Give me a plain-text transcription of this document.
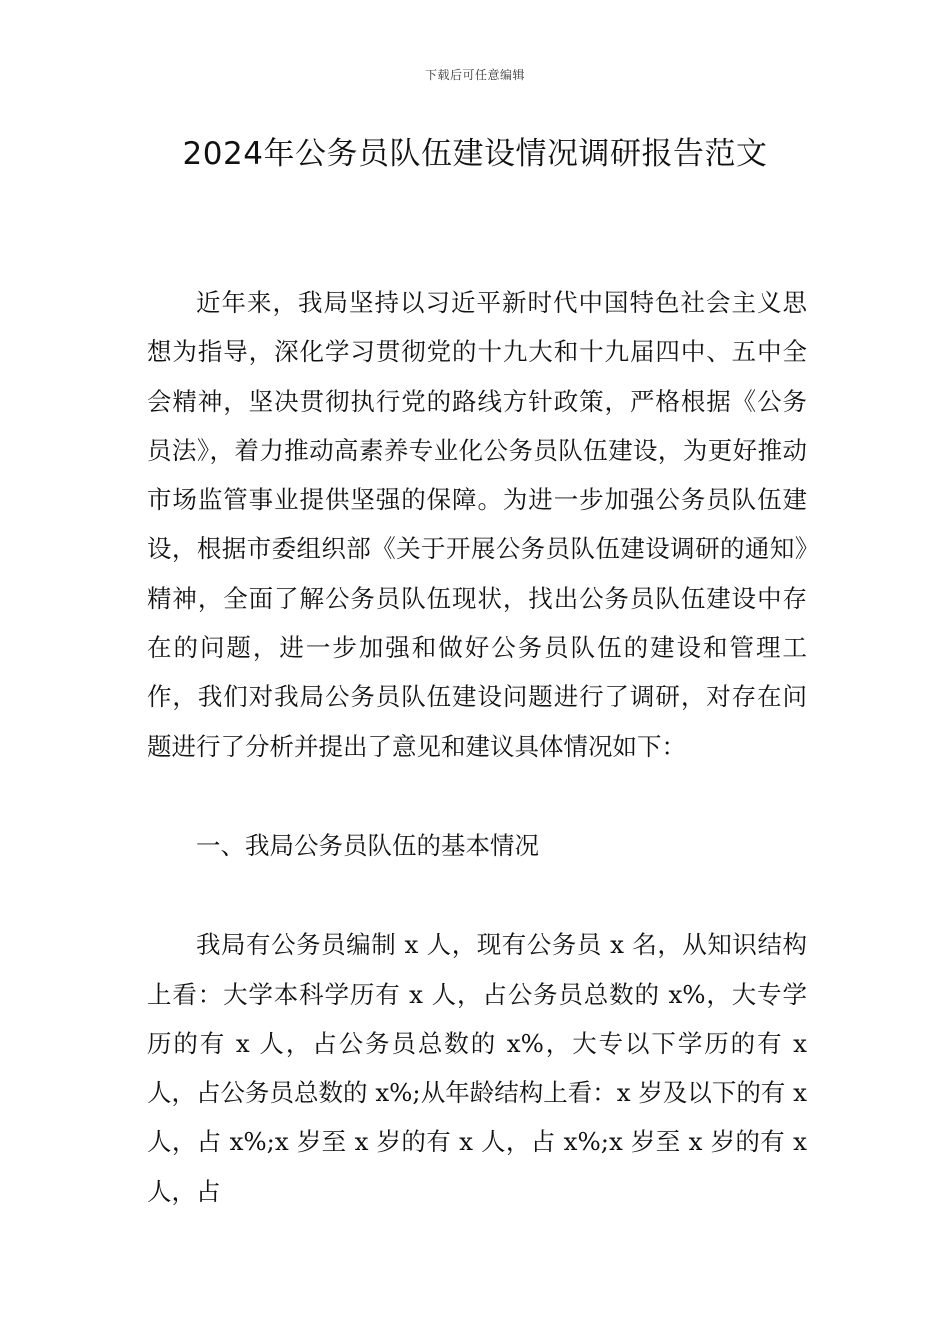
下载后可任意编辑
2024年公务员队伍建设情况调研报告范文

近年来，我局坚持以习近平新时代中国特色社会主义思想为指导，深化学习贯彻党的十九大和十九届四中、五中全会精神，坚决贯彻执行党的路线方针政策，严格根据《公务员法》，着力推动高素养专业化公务员队伍建设，为更好推动市场监管事业提供坚强的保障。为进一步加强公务员队伍建设，根据市委组织部《关于开展公务员队伍建设调研的通知》精神，全面了解公务员队伍现状，找出公务员队伍建设中存在的问题，进一步加强和做好公务员队伍的建设和管理工作，我们对我局公务员队伍建设问题进行了调研，对存在问题进行了分析并提出了意见和建议具体情况如下：

一、我局公务员队伍的基本情况

我局有公务员编制 x 人，现有公务员 x 名，从知识结构上看：大学本科学历有 x 人，占公务员总数的 x%，大专学历的有 x 人，占公务员总数的 x%，大专以下学历的有 x 人，占公务员总数的 x%;从年龄结构上看：x 岁及以下的有 x 人，占 x%;x 岁至 x 岁的有 x 人，占 x%;x 岁至 x 岁的有 x 人，占
